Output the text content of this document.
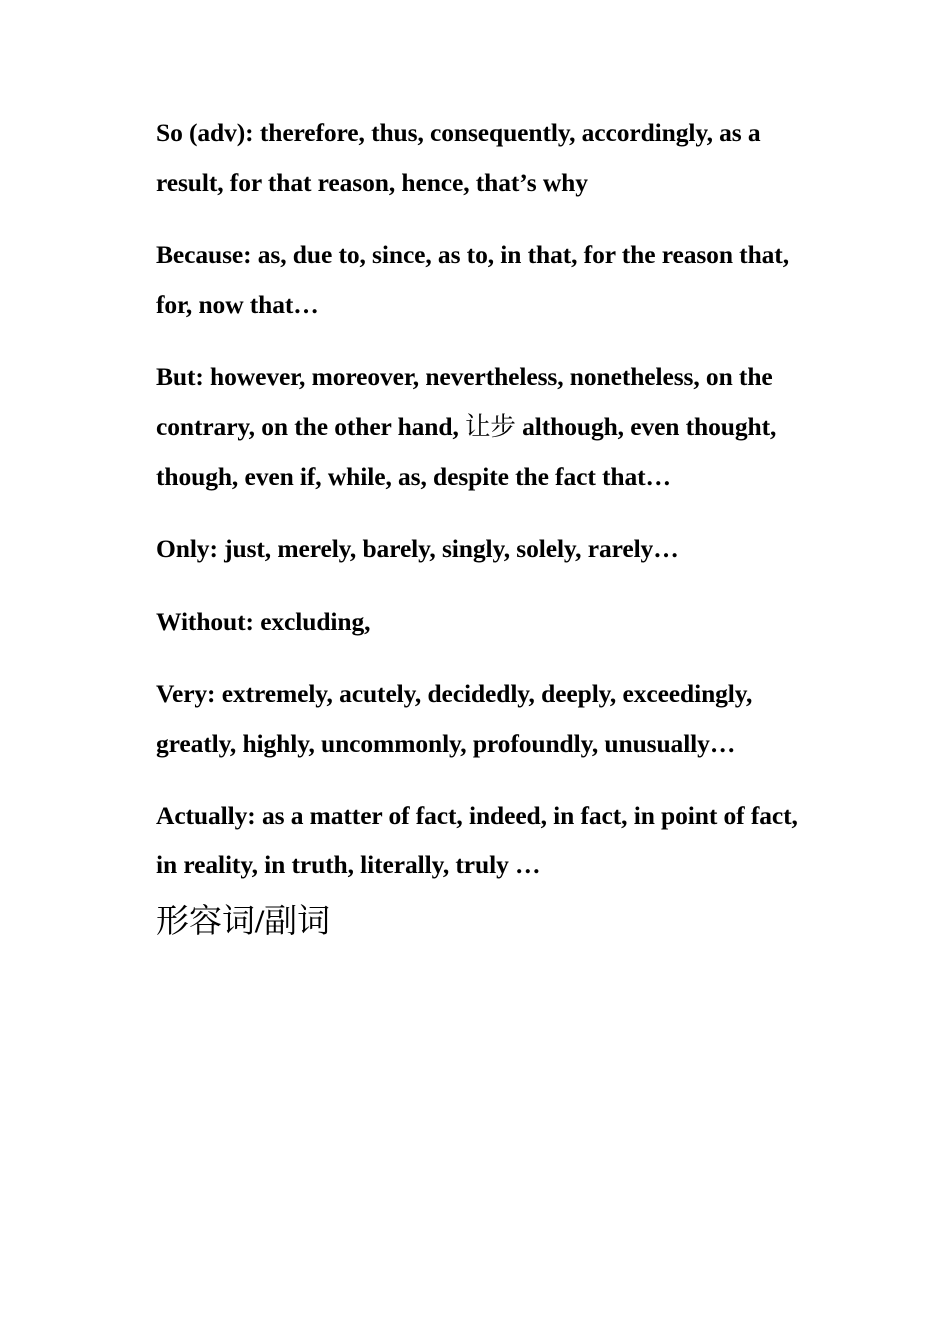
So (adv): therefore, thus, consequently, accordingly, as a result, for that reason, hence, that’s why

Because: as, due to, since, as to, in that, for the reason that, for, now that…

But: however, moreover, nevertheless, nonetheless, on the contrary, on the other hand, 让步 although, even thought, though, even if, while, as, despite the fact that…

Only: just, merely, barely, singly, solely, rarely…

Without: excluding,

Very: extremely, acutely, decidedly, deeply, exceedingly, greatly, highly, uncommonly, profoundly, unusually…

Actually: as a matter of fact, indeed, in fact, in point of fact, in reality, in truth, literally, truly …

形容词/副词
